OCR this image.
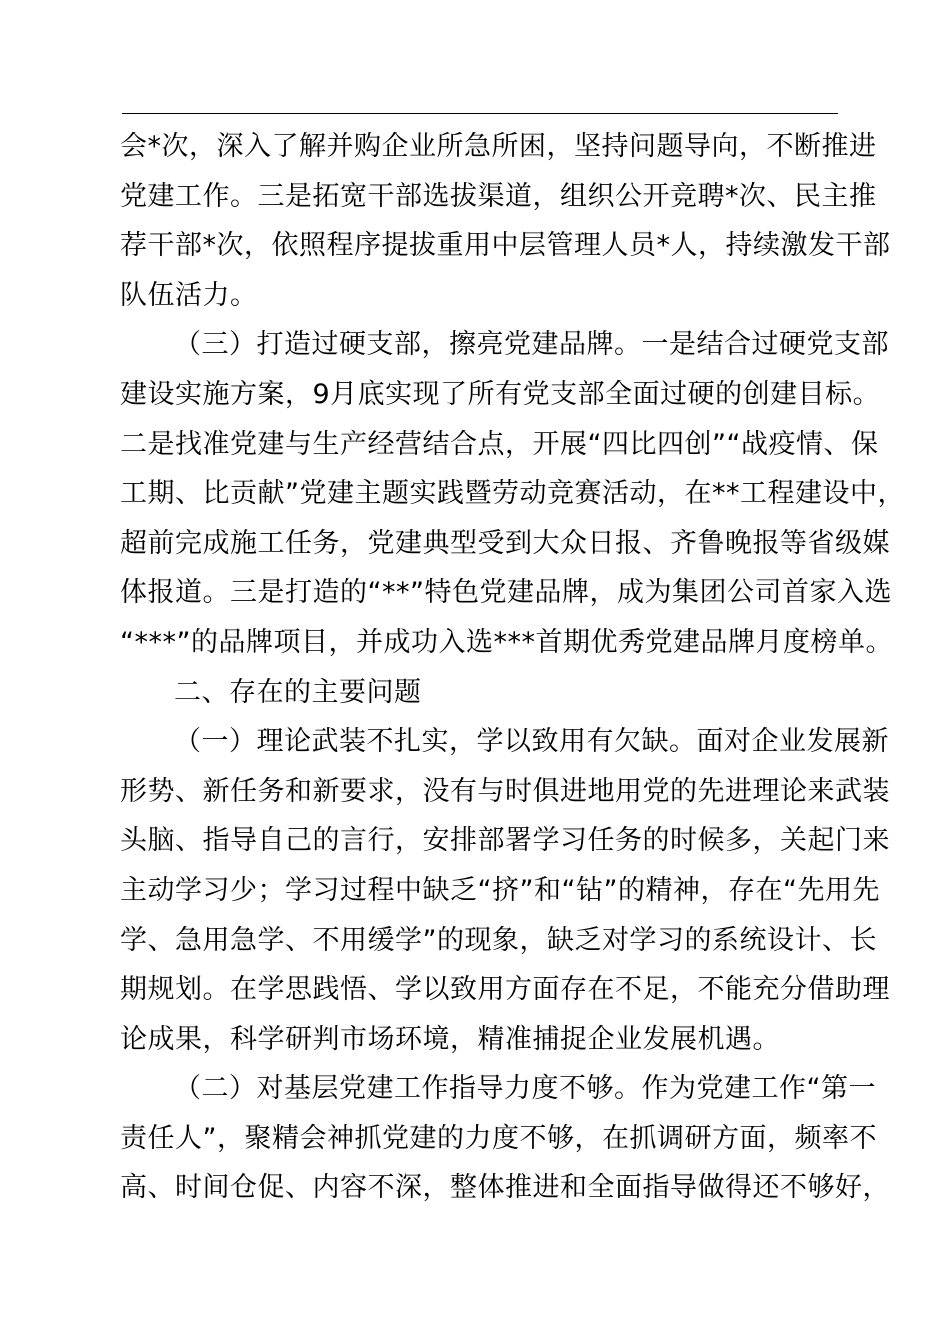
会*次，深入了解并购企业所急所困，坚持问题导向，不断推进
党建工作。三是拓宽干部选拔渠道，组织公开竞聘*次、民主推
荐干部*次，依照程序提拔重用中层管理人员*人，持续激发干部
队伍活力。
（三）打造过硬支部，擦亮党建品牌。一是结合过硬党支部
建设实施方案，9月底实现了所有党支部全面过硬的创建目标。
二是找准党建与生产经营结合点，开展“四比四创”“战疫情、保
工期、比贡献”党建主题实践暨劳动竞赛活动，在**工程建设中，
超前完成施工任务，党建典型受到大众日报、齐鲁晚报等省级媒
体报道。三是打造的“**”特色党建品牌，成为集团公司首家入选
“***”的品牌项目，并成功入选***首期优秀党建品牌月度榜单。
二、存在的主要问题
（一）理论武装不扎实，学以致用有欠缺。面对企业发展新
形势、新任务和新要求，没有与时俱进地用党的先进理论来武装
头脑、指导自己的言行，安排部署学习任务的时候多，关起门来
主动学习少；学习过程中缺乏“挤”和“钻”的精神，存在“先用先
学、急用急学、不用缓学”的现象，缺乏对学习的系统设计、长
期规划。在学思践悟、学以致用方面存在不足，不能充分借助理
论成果，科学研判市场环境，精准捕捉企业发展机遇。
（二）对基层党建工作指导力度不够。作为党建工作“第一
责任人”，聚精会神抓党建的力度不够，在抓调研方面，频率不
高、时间仓促、内容不深，整体推进和全面指导做得还不够好，
